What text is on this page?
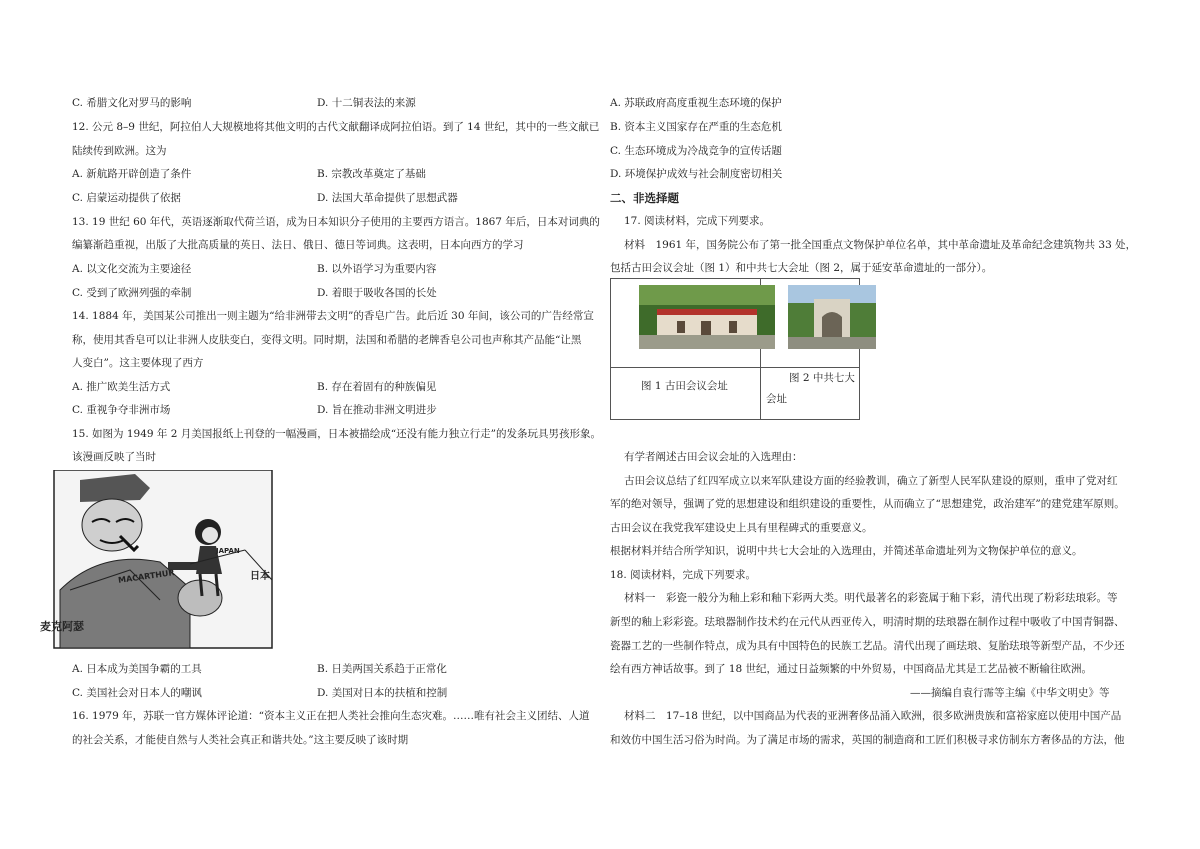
C. 希腊文化对罗马的影响	D. 十二铜表法的来源
12. 公元 8–9 世纪，阿拉伯人大规模地将其他文明的古代文献翻译成阿拉伯语。到了 14 世纪，其中的一些文献已
陆续传到欧洲。这为
A. 新航路开辟创造了条件	B. 宗教改革奠定了基础
C. 启蒙运动提供了依据	D. 法国大革命提供了思想武器
13. 19 世纪 60 年代，英语逐渐取代荷兰语，成为日本知识分子使用的主要西方语言。1867 年后，日本对词典的
编纂渐趋重视，出版了大批高质量的英日、法日、俄日、德日等词典。这表明，日本向西方的学习
A. 以文化交流为主要途径	B. 以外语学习为重要内容
C. 受到了欧洲列强的牵制	D. 着眼于吸收各国的长处
14. 1884 年，美国某公司推出一则主题为“给非洲带去文明”的香皂广告。此后近 30 年间，该公司的广告经常宣
称，使用其香皂可以让非洲人皮肤变白，变得文明。同时期，法国和希腊的老牌香皂公司也声称其产品能“让黑
人变白”。这主要体现了西方
A. 推广欧美生活方式	B. 存在着固有的种族偏见
C. 重视争夺非洲市场	D. 旨在推动非洲文明进步
15. 如图为 1949 年 2 月美国报纸上刊登的一幅漫画，日本被描绘成“还没有能力独立行走”的发条玩具男孩形象。
该漫画反映了当时
MACARTHUR
JAPAN
日本
麦克阿瑟
A. 日本成为美国争霸的工具	B. 日美两国关系趋于正常化
C. 美国社会对日本人的嘲讽	D. 美国对日本的扶植和控制
16. 1979 年，苏联一官方媒体评论道：“资本主义正在把人类社会推向生态灾难。……唯有社会主义团结、人道
的社会关系，才能使自然与人类社会真正和谐共处。”这主要反映了该时期
A. 苏联政府高度重视生态环境的保护
B. 资本主义国家存在严重的生态危机
C. 生态环境成为冷战竞争的宣传话题
D. 环境保护成效与社会制度密切相关
二、非选择题
17. 阅读材料，完成下列要求。
材料　1961 年，国务院公布了第一批全国重点文物保护单位名单，其中革命遗址及革命纪念建筑物共 33 处，
包括古田会议会址（图 1）和中共七大会址（图 2，属于延安革命遗址的一部分）。
图 1 古田会议会址
图 2 中共七大
会址
有学者阐述古田会议会址的入选理由：
古田会议总结了红四军成立以来军队建设方面的经验教训，确立了新型人民军队建设的原则，重申了党对红
军的绝对领导，强调了党的思想建设和组织建设的重要性，从而确立了“思想建党，政治建军”的建党建军原则。
古田会议在我党我军建设史上具有里程碑式的重要意义。
根据材料并结合所学知识，说明中共七大会址的入选理由，并简述革命遗址列为文物保护单位的意义。
18. 阅读材料，完成下列要求。
材料一　彩瓷一般分为釉上彩和釉下彩两大类。明代最著名的彩瓷属于釉下彩，清代出现了粉彩珐琅彩。等
新型的釉上彩彩瓷。珐琅器制作技术约在元代从西亚传入，明清时期的珐琅器在制作过程中吸收了中国青铜器、
瓷器工艺的一些制作特点，成为具有中国特色的民族工艺品。清代出现了画珐琅、复胎珐琅等新型产品，不少还
绘有西方神话故事。到了 18 世纪，通过日益频繁的中外贸易，中国商品尤其是工艺品被不断输往欧洲。
——摘编自袁行霈等主编《中华文明史》等
材料二　17–18 世纪，以中国商品为代表的亚洲奢侈品涌入欧洲，很多欧洲贵族和富裕家庭以使用中国产品
和效仿中国生活习俗为时尚。为了满足市场的需求，英国的制造商和工匠们积极寻求仿制东方奢侈品的方法，他
